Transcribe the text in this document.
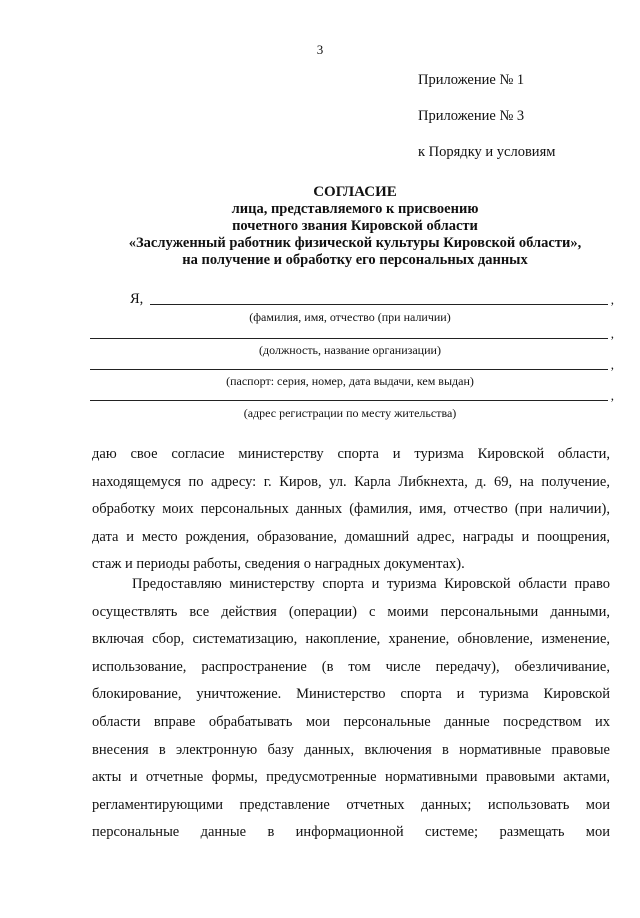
3
Приложение № 1
Приложение № 3
к Порядку и условиям
СОГЛАСИЕ
лица, представляемого к присвоению
почетного звания Кировской области
«Заслуженный работник физической культуры Кировской области»,
на получение и обработку его персональных данных
Я,	,
(фамилия, имя, отчество (при наличии)
,
(должность, название организации)
,
(паспорт: серия, номер, дата выдачи, кем выдан)
,
(адрес регистрации по месту жительства)
даю свое согласие министерству спорта и туризма Кировской области,
находящемуся по адресу: г. Киров, ул. Карла Либкнехта, д. 69, на получение,
обработку моих персональных данных (фамилия, имя, отчество (при наличии),
дата и место рождения, образование, домашний адрес, награды и поощрения,
стаж и периоды работы, сведения о наградных документах).
Предоставляю министерству спорта и туризма Кировской области право
осуществлять все действия (операции) с моими персональными данными,
включая сбор, систематизацию, накопление, хранение, обновление, изменение,
использование, распространение (в том числе передачу), обезличивание,
блокирование, уничтожение. Министерство спорта и туризма Кировской
области вправе обрабатывать мои персональные данные посредством их
внесения в электронную базу данных, включения в нормативные правовые
акты и отчетные формы, предусмотренные нормативными правовыми актами,
регламентирующими представление отчетных данных; использовать мои
персональные данные в информационной системе; размещать мои
